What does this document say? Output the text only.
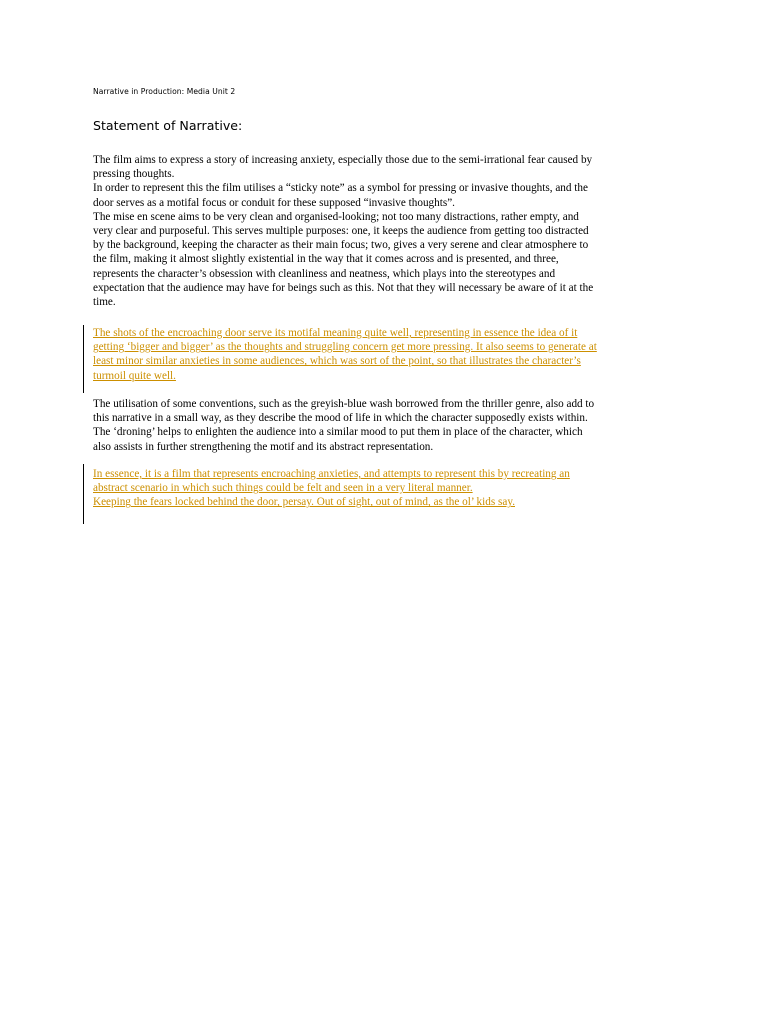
Narrative in Production: Media Unit 2
Statement of Narrative:
The film aims to express a story of increasing anxiety, especially those due to the semi-irrational fear caused by
pressing thoughts.
In order to represent this the film utilises a “sticky note” as a symbol for pressing or invasive thoughts, and the
door serves as a motifal focus or conduit for these supposed “invasive thoughts”.
The mise en scene aims to be very clean and organised-looking; not too many distractions, rather empty, and
very clear and purposeful. This serves multiple purposes: one, it keeps the audience from getting too distracted
by the background, keeping the character as their main focus; two, gives a very serene and clear atmosphere to
the film, making it almost slightly existential in the way that it comes across and is presented, and three,
represents the character’s obsession with cleanliness and neatness, which plays into the stereotypes and
expectation that the audience may have for beings such as this. Not that they will necessary be aware of it at the
time.
The shots of the encroaching door serve its motifal meaning quite well, representing in essence the idea of it
getting ‘bigger and bigger’ as the thoughts and struggling concern get more pressing. It also seems to generate at
least minor similar anxieties in some audiences, which was sort of the point, so that illustrates the character’s
turmoil quite well.
The utilisation of some conventions, such as the greyish-blue wash borrowed from the thriller genre, also add to
this narrative in a small way, as they describe the mood of life in which the character supposedly exists within.
The ‘droning’ helps to enlighten the audience into a similar mood to put them in place of the character, which
also assists in further strengthening the motif and its abstract representation.
In essence, it is a film that represents encroaching anxieties, and attempts to represent this by recreating an
abstract scenario in which such things could be felt and seen in a very literal manner.
Keeping the fears locked behind the door, persay. Out of sight, out of mind, as the ol’ kids say.
